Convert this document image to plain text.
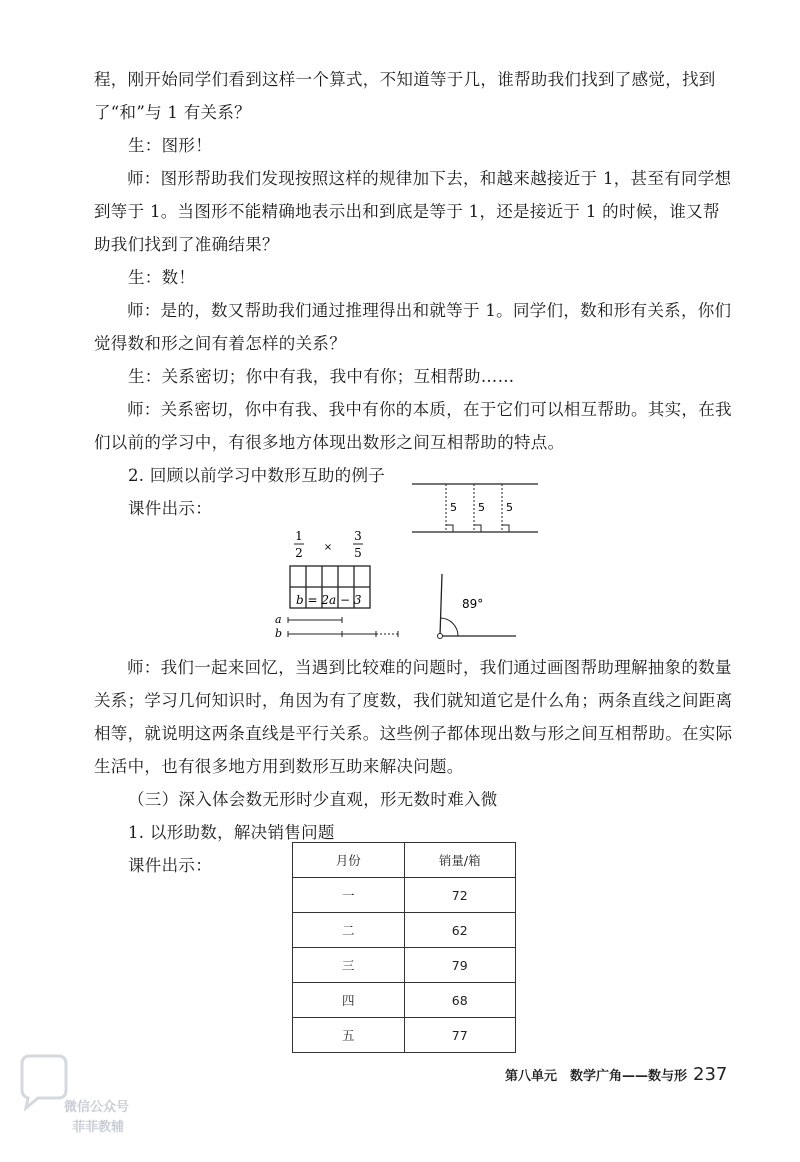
程，刚开始同学们看到这样一个算式，不知道等于几，谁帮助我们找到了感觉，找到了“和”与 1 有关系？

生：图形！

师：图形帮助我们发现按照这样的规律加下去，和越来越接近于 1，甚至有同学想到等于 1。当图形不能精确地表示出和到底是等于 1，还是接近于 1 的时候，谁又帮助我们找到了准确结果？

生：数！

师：是的，数又帮助我们通过推理得出和就等于 1。同学们，数和形有关系，你们觉得数和形之间有着怎样的关系？

生：关系密切；你中有我，我中有你；互相帮助……

师：关系密切，你中有我、我中有你的本质，在于它们可以相互帮助。其实，在我们以前的学习中，有很多地方体现出数形之间互相帮助的特点。

2. 回顾以前学习中数形互助的例子

课件出示：

1
2 ×
3
5
5 5 5
b = 2a − 3
a
b
89°

师：我们一起来回忆，当遇到比较难的问题时，我们通过画图帮助理解抽象的数量关系；学习几何知识时，角因为有了度数，我们就知道它是什么角；两条直线之间距离相等，就说明这两条直线是平行关系。这些例子都体现出数与形之间互相帮助。在实际生活中，也有很多地方用到数形互助来解决问题。

（三）深入体会数无形时少直观，形无数时难入微

1. 以形助数，解决销售问题

课件出示：	月份	销量/箱
一	72
二	62
三	79
四	68
五	77
微信公众号
菲菲教辅
第八单元　数学广角——数与形 237
